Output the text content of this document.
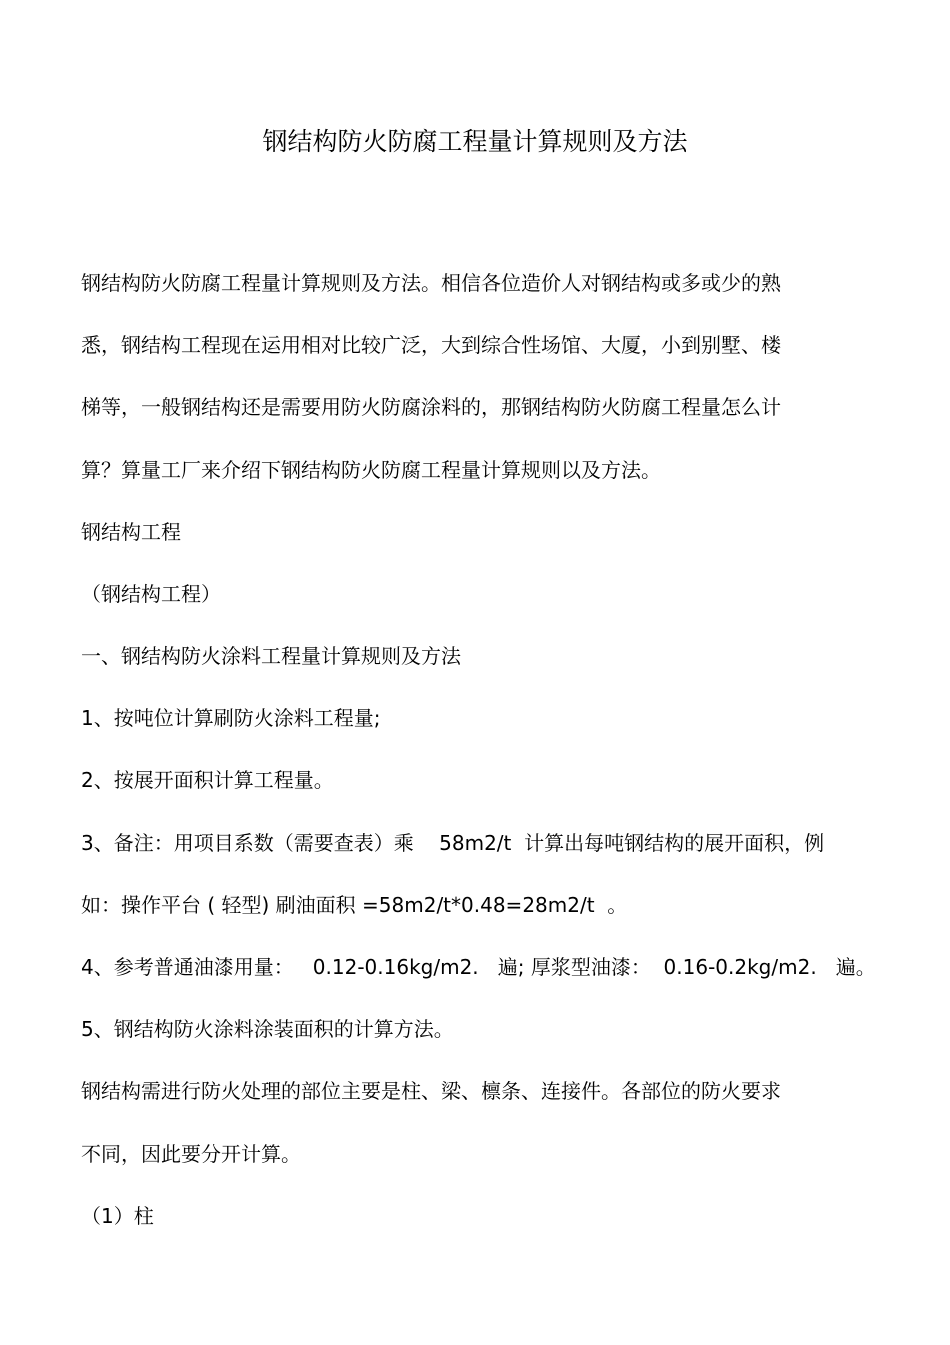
钢结构防火防腐工程量计算规则及方法
钢结构防火防腐工程量计算规则及方法。相信各位造价人对钢结构或多或少的熟
悉，钢结构工程现在运用相对比较广泛，大到综合性场馆、大厦，小到别墅、楼
梯等，一般钢结构还是需要用防火防腐涂料的，那钢结构防火防腐工程量怎么计
算？算量工厂来介绍下钢结构防火防腐工程量计算规则以及方法。
钢结构工程
（钢结构工程）
一、钢结构防火涂料工程量计算规则及方法
1、按吨位计算刷防火涂料工程量;
2、按展开面积计算工程量。
3、备注：用项目系数（需要查表）乘    58m2/t  计算出每吨钢结构的展开面积，例
如：操作平台 ( 轻型) 刷油面积 =58m2/t*0.48=28m2/t  。
4、参考普通油漆用量：   0.12-0.16kg/m2.   遍; 厚浆型油漆：  0.16-0.2kg/m2.   遍。
5、钢结构防火涂料涂装面积的计算方法。
钢结构需进行防火处理的部位主要是柱、梁、檩条、连接件。各部位的防火要求
不同，因此要分开计算。
（1）柱
